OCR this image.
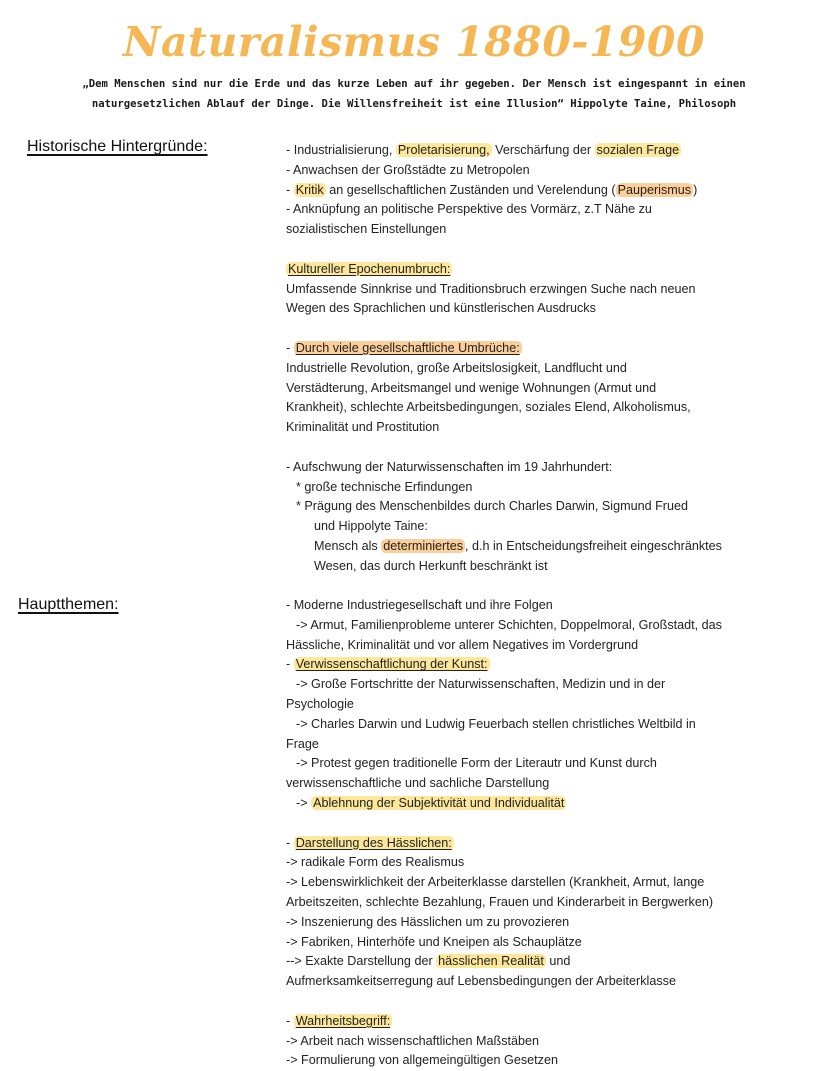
Naturalismus 1880-1900
„Dem Menschen sind nur die Erde und das kurze Leben auf ihr gegeben. Der Mensch ist eingespannt in einen
naturgesetzlichen Ablauf der Dinge. Die Willensfreiheit ist eine Illusion“ Hippolyte Taine, Philosoph
Historische Hintergründe:	- Industrialisierung, Proletarisierung, Verschärfung der sozialen Frage
- Anwachsen der Großstädte zu Metropolen
- Kritik an gesellschaftlichen Zuständen und Verelendung ( Pauperismus )
- Anknüpfung an politische Perspektive des Vormärz, z.T Nähe zu
sozialistischen Einstellungen
Kultureller Epochenumbruch:
Umfassende Sinnkrise und Traditionsbruch erzwingen Suche nach neuen
Wegen des Sprachlichen und künstlerischen Ausdrucks
- Durch viele gesellschaftliche Umbrüche:
Industrielle Revolution, große Arbeitslosigkeit, Landflucht und
Verstädterung, Arbeitsmangel und wenige Wohnungen (Armut und
Krankheit), schlechte Arbeitsbedingungen, soziales Elend, Alkoholismus,
Kriminalität und Prostitution
- Aufschwung der Naturwissenschaften im 19 Jahrhundert:
* große technische Erfindungen
* Prägung des Menschenbildes durch Charles Darwin, Sigmund Frued
und Hippolyte Taine:
Mensch als determiniertes , d.h in Entscheidungsfreiheit eingeschränktes
Wesen, das durch Herkunft beschränkt ist
Hauptthemen:	- Moderne Industriegesellschaft und ihre Folgen
-> Armut, Familienprobleme unterer Schichten, Doppelmoral, Großstadt, das
Hässliche, Kriminalität und vor allem Negatives im Vordergrund
- Verwissenschaftlichung der Kunst:
-> Große Fortschritte der Naturwissenschaften, Medizin und in der
Psychologie
-> Charles Darwin und Ludwig Feuerbach stellen christliches Weltbild in
Frage
-> Protest gegen traditionelle Form der Literautr und Kunst durch
verwissenschaftliche und sachliche Darstellung
-> Ablehnung der Subjektivität und Individualität
- Darstellung des Hässlichen:
-> radikale Form des Realismus
-> Lebenswirklichkeit der Arbeiterklasse darstellen (Krankheit, Armut, lange
Arbeitszeiten, schlechte Bezahlung, Frauen und Kinderarbeit in Bergwerken)
-> Inszenierung des Hässlichen um zu provozieren
-> Fabriken, Hinterhöfe und Kneipen als Schauplätze
--> Exakte Darstellung der hässlichen Realität und
Aufmerksamkeitserregung auf Lebensbedingungen der Arbeiterklasse
- Wahrheitsbegriff:
-> Arbeit nach wissenschaftlichen Maßstäben
-> Formulierung von allgemeingültigen Gesetzen
